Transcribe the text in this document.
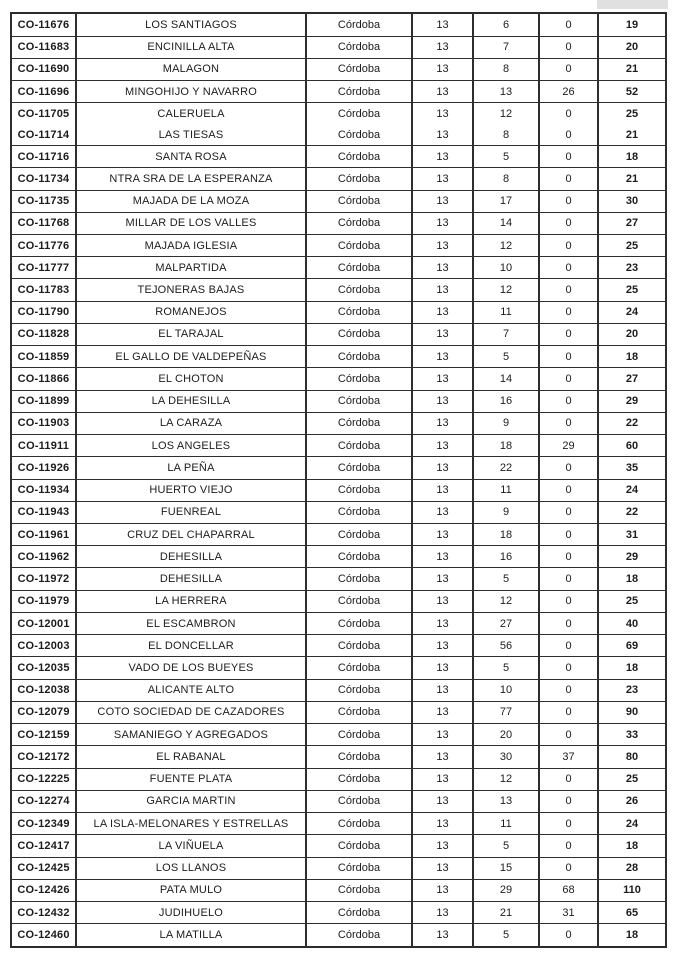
CO-11676	LOS SANTIAGOS	Córdoba	13	6	0	19
CO-11683	ENCINILLA ALTA	Córdoba	13	7	0	20
CO-11690	MALAGON	Córdoba	13	8	0	21
CO-11696	MINGOHIJO Y NAVARRO	Córdoba	13	13	26	52
CO-11705	CALERUELA	Córdoba	13	12	0	25
CO-11714	LAS TIESAS	Córdoba	13	8	0	21
CO-11716	SANTA ROSA	Córdoba	13	5	0	18
CO-11734	NTRA SRA DE LA ESPERANZA	Córdoba	13	8	0	21
CO-11735	MAJADA DE LA MOZA	Córdoba	13	17	0	30
CO-11768	MILLAR DE LOS VALLES	Córdoba	13	14	0	27
CO-11776	MAJADA IGLESIA	Córdoba	13	12	0	25
CO-11777	MALPARTIDA	Córdoba	13	10	0	23
CO-11783	TEJONERAS BAJAS	Córdoba	13	12	0	25
CO-11790	ROMANEJOS	Córdoba	13	11	0	24
CO-11828	EL TARAJAL	Córdoba	13	7	0	20
CO-11859	EL GALLO DE VALDEPEÑAS	Córdoba	13	5	0	18
CO-11866	EL CHOTON	Córdoba	13	14	0	27
CO-11899	LA DEHESILLA	Córdoba	13	16	0	29
CO-11903	LA CARAZA	Córdoba	13	9	0	22
CO-11911	LOS ANGELES	Córdoba	13	18	29	60
CO-11926	LA PEÑA	Córdoba	13	22	0	35
CO-11934	HUERTO VIEJO	Córdoba	13	11	0	24
CO-11943	FUENREAL	Córdoba	13	9	0	22
CO-11961	CRUZ DEL CHAPARRAL	Córdoba	13	18	0	31
CO-11962	DEHESILLA	Córdoba	13	16	0	29
CO-11972	DEHESILLA	Córdoba	13	5	0	18
CO-11979	LA HERRERA	Córdoba	13	12	0	25
CO-12001	EL ESCAMBRON	Córdoba	13	27	0	40
CO-12003	EL DONCELLAR	Córdoba	13	56	0	69
CO-12035	VADO DE LOS BUEYES	Córdoba	13	5	0	18
CO-12038	ALICANTE ALTO	Córdoba	13	10	0	23
CO-12079	COTO SOCIEDAD DE CAZADORES	Córdoba	13	77	0	90
CO-12159	SAMANIEGO Y AGREGADOS	Córdoba	13	20	0	33
CO-12172	EL RABANAL	Córdoba	13	30	37	80
CO-12225	FUENTE PLATA	Córdoba	13	12	0	25
CO-12274	GARCIA MARTIN	Córdoba	13	13	0	26
CO-12349	LA ISLA-MELONARES Y ESTRELLAS	Córdoba	13	11	0	24
CO-12417	LA VIÑUELA	Córdoba	13	5	0	18
CO-12425	LOS LLANOS	Córdoba	13	15	0	28
CO-12426	PATA MULO	Córdoba	13	29	68	110
CO-12432	JUDIHUELO	Córdoba	13	21	31	65
CO-12460	LA MATILLA	Córdoba	13	5	0	18
